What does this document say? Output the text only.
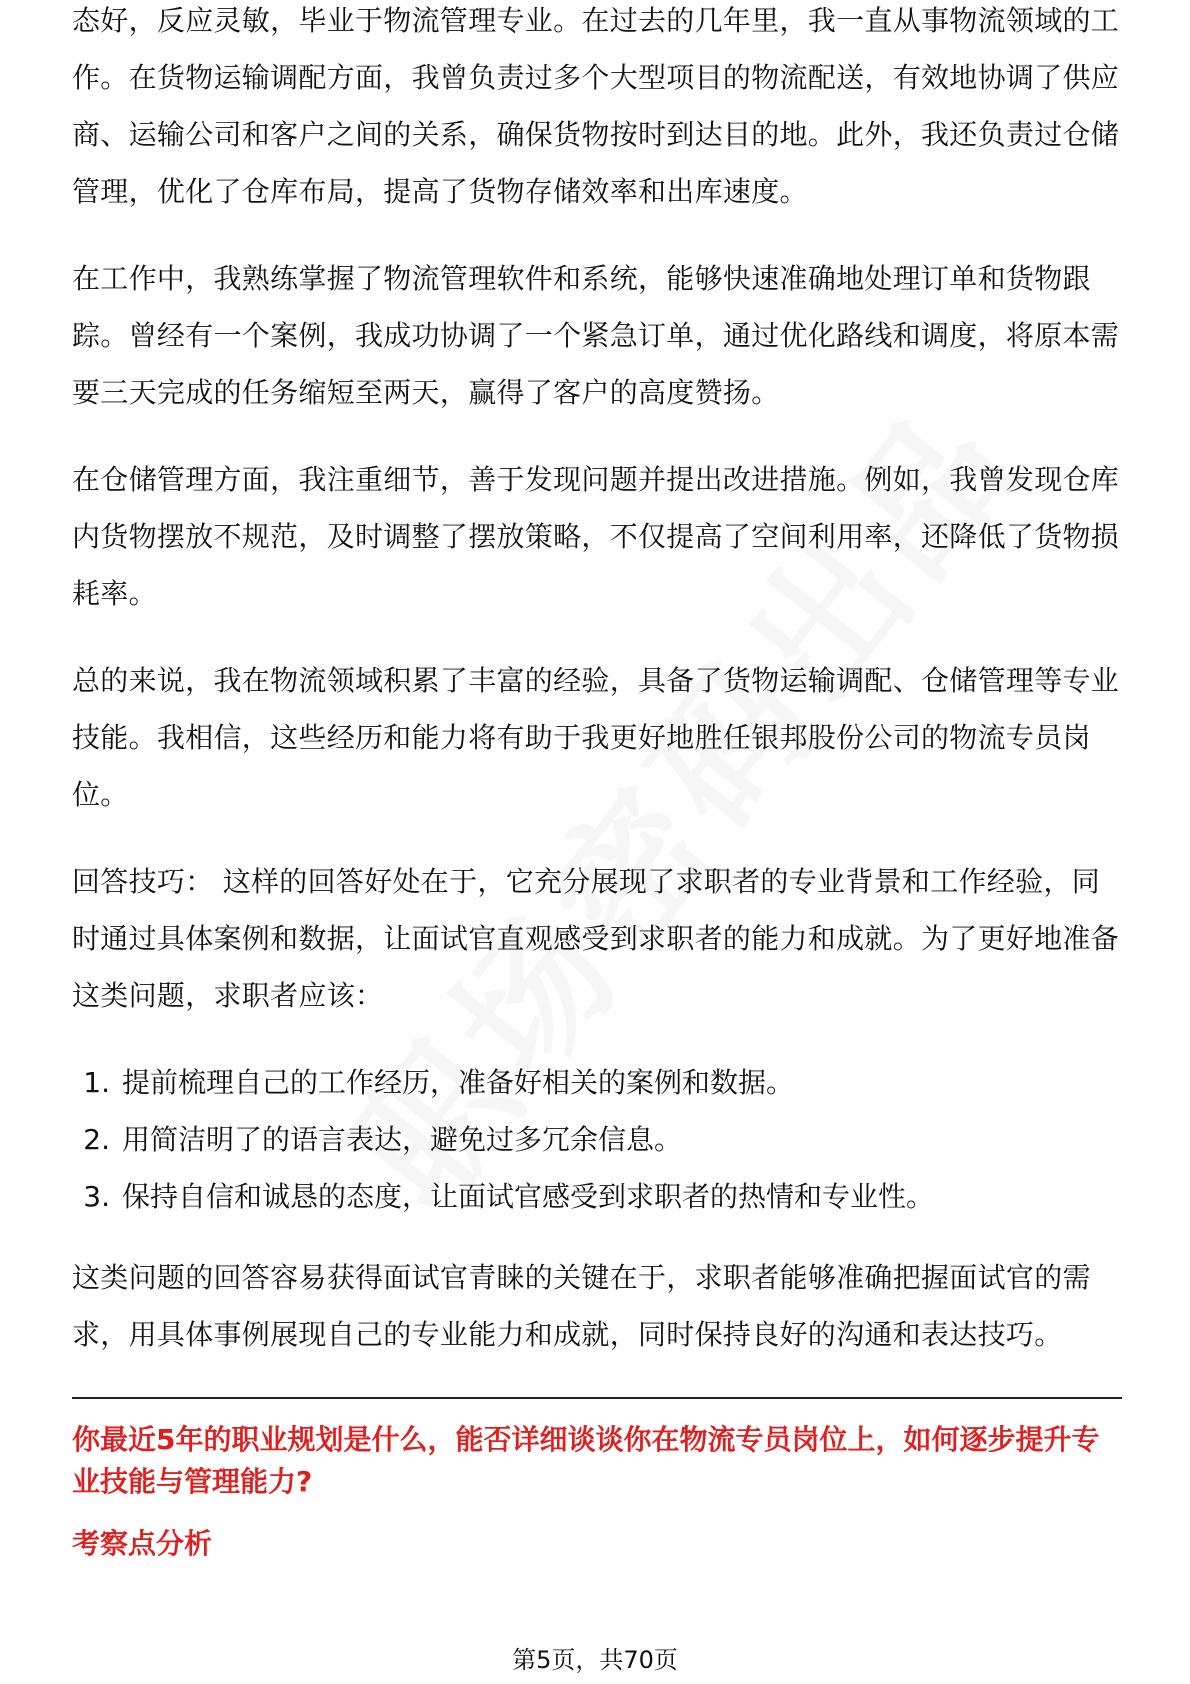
态好，反应灵敏，毕业于物流管理专业。在过去的几年里，我一直从事物流领域的工作。在货物运输调配方面，我曾负责过多个大型项目的物流配送，有效地协调了供应商、运输公司和客户之间的关系，确保货物按时到达目的地。此外，我还负责过仓储管理，优化了仓库布局，提高了货物存储效率和出库速度。

在工作中，我熟练掌握了物流管理软件和系统，能够快速准确地处理订单和货物跟踪。曾经有一个案例，我成功协调了一个紧急订单，通过优化路线和调度，将原本需要三天完成的任务缩短至两天，赢得了客户的高度赞扬。

在仓储管理方面，我注重细节，善于发现问题并提出改进措施。例如，我曾发现仓库内货物摆放不规范，及时调整了摆放策略，不仅提高了空间利用率，还降低了货物损耗率。

总的来说，我在物流领域积累了丰富的经验，具备了货物运输调配、仓储管理等专业技能。我相信，这些经历和能力将有助于我更好地胜任银邦股份公司的物流专员岗位。

回答技巧： 这样的回答好处在于，它充分展现了求职者的专业背景和工作经验，同时通过具体案例和数据，让面试官直观感受到求职者的能力和成就。为了更好地准备这类问题，求职者应该：

1. 提前梳理自己的工作经历，准备好相关的案例和数据。
2. 用简洁明了的语言表达，避免过多冗余信息。
3. 保持自信和诚恳的态度，让面试官感受到求职者的热情和专业性。

这类问题的回答容易获得面试官青睐的关键在于，求职者能够准确把握面试官的需求，用具体事例展现自己的专业能力和成就，同时保持良好的沟通和表达技巧。

你最近5年的职业规划是什么，能否详细谈谈你在物流专员岗位上，如何逐步提升专业技能与管理能力?
考察点分析
第5页，共70页
